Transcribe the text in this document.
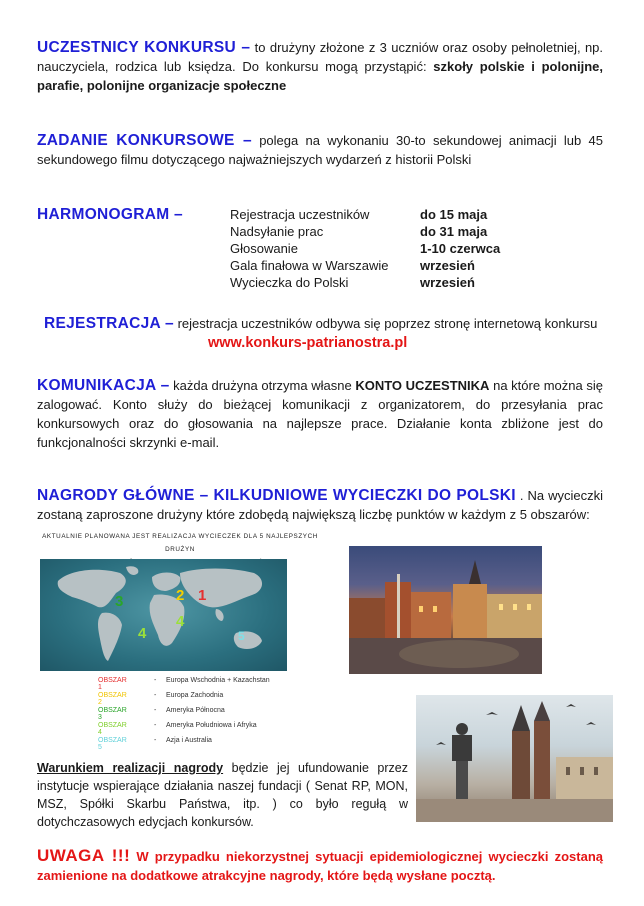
UCZESTNICY KONKURSU – to drużyny złożone z 3 uczniów oraz osoby pełnoletniej, np. nauczyciela, rodzica lub księdza. Do konkursu mogą przystąpić: szkoły polskie i polonijne, parafie, polonijne organizacje społeczne
ZADANIE KONKURSOWE – polega na wykonaniu 30-to sekundowej animacji lub 45 sekundowego filmu dotyczącego najważniejszych wydarzeń z historii Polski
HARMONOGRAM –	Rejestracja uczestników	do 15 maja
Nadsyłanie prac	do 31 maja
Głosowanie	1-10 czerwca
Gala finałowa w Warszawie wrzesień
Wycieczka do Polski	wrzesień
REJESTRACJA – rejestracja uczestników odbywa się poprzez stronę internetową konkursu
www.konkurs-patrianostra.pl
KOMUNIKACJA – każda drużyna otrzyma własne KONTO UCZESTNIKA na które można się zalogować. Konto służy do bieżącej komunikacji z organizatorem, do przesyłania prac konkursowych oraz do głosowania na najlepsze prace. Działanie konta zbliżone jest do funkcjonalności skrzynki e-mail.
NAGRODY GŁÓWNE – KILKUDNIOWE WYCIECZKI DO POLSKI . Na wycieczki zostaną zaproszone drużyny które zdobędą największą liczbę punktów w każdym z 5 obszarów:
AKTUALNIE PLANOWANA JEST REALIZACJA WYCIECZEK DLA 5 NAJLEPSZYCH DRUŻYN
1
2
3
4
4
5
OBSZAR 1
- Europa Wschodnia + Kazachstan
OBSZAR 2
- Europa Zachodnia
OBSZAR 3
- Ameryka Północna
OBSZAR 4
- Ameryka Południowa i Afryka
OBSZAR 5
- Azja i Australia
Warunkiem realizacji nagrody będzie jej ufundowanie przez instytucje wspierające działania naszej fundacji ( Senat RP, MON, MSZ, Spółki Skarbu Państwa, itp. ) co było regułą w dotychczasowych edycjach konkursów.
UWAGA !!! W przypadku niekorzystnej sytuacji epidemiologicznej wycieczki zostaną zamienione na dodatkowe atrakcyjne nagrody, które będą wysłane pocztą.
